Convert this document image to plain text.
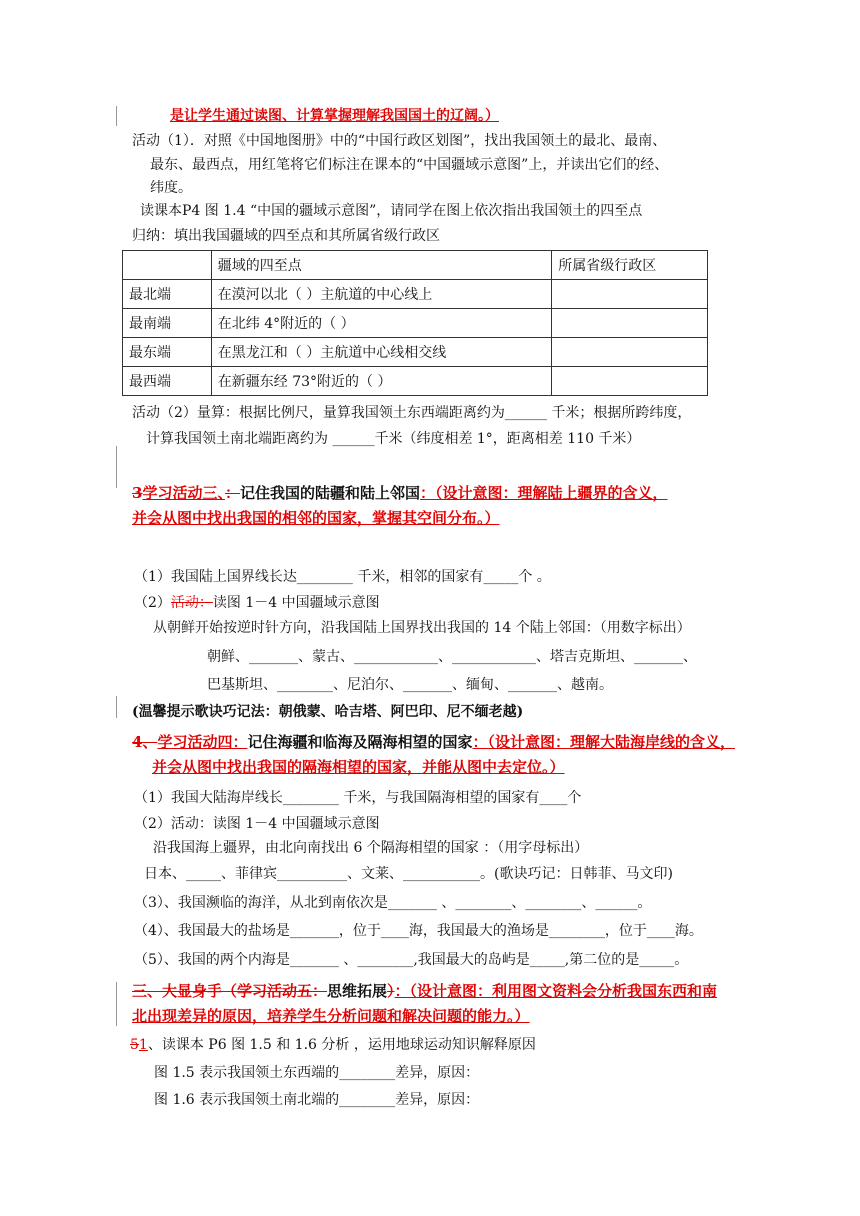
是让学生通过读图、计算掌握理解我国国土的辽阔。）
活动（1）．对照《中国地图册》中的“中国行政区划图”，找出我国领土的最北、最南、
最东、最西点，用红笔将它们标注在课本的“中国疆域示意图”上，并读出它们的经、
纬度。
读课本P4 图 1.4 “中国的疆域示意图”，请同学在图上依次指出我国领土的四至点
归纳：填出我国疆域的四至点和其所属省级行政区
	疆域的四至点	所属省级行政区
最北端	在漠河以北（ ）主航道的中心线上	
最南端	在北纬 4°附近的（ ）	
最东端	在黑龙江和（ ）主航道中心线相交线	
最西端	在新疆东经 73°附近的（ ）	
活动（2）量算：根据比例尺，量算我国领土东西端距离约为______ 千米；根据所跨纬度，
计算我国领土南北端距离约为 ______千米（纬度相差 1°，距离相差 110 千米）
3学习活动三、：记住我国的陆疆和陆上邻国：（设计意图：理解陆上疆界的含义，
并会从图中找出我国的相邻的国家，掌握其空间分布。）
（1）我国陆上国界线长达________ 千米，相邻的国家有_____个 。
（2）活动：读图 1－4 中国疆域示意图
从朝鲜开始按逆时针方向，沿我国陆上国界找出我国的 14 个陆上邻国：（用数字标出）
朝鲜、_______、蒙古、____________、____________、塔吉克斯坦、_______、
巴基斯坦、________、尼泊尔、_______、缅甸、_______、越南。
(温馨提示歌诀巧记法：朝俄蒙、哈吉塔、阿巴印、尼不缅老越)
4、学习活动四：记住海疆和临海及隔海相望的国家：（设计意图：理解大陆海岸线的含义，
并会从图中找出我国的隔海相望的国家，并能从图中去定位。）
（1）我国大陆海岸线长________ 千米，与我国隔海相望的国家有____个
（2）活动：读图 1－4 中国疆域示意图
沿我国海上疆界，由北向南找出 6 个隔海相望的国家 ：（用字母标出）
日本、_____、菲律宾__________、文莱、___________。(歌诀巧记：日韩菲、马文印)
（3）、我国濒临的海洋，从北到南依次是_______ 、________、________、______。
（4）、我国最大的盐场是_______，位于____海，我国最大的渔场是________，位于____海。
（5）、我国的两个内海是_______ 、________,我国最大的岛屿是_____,第二位的是_____。
三、大显身手（学习活动五：思维拓展）：（设计意图：利用图文资料会分析我国东西和南
北出现差异的原因，培养学生分析问题和解决问题的能力。）
51、读课本 P6 图 1.5 和 1.6 分析 ，运用地球运动知识解释原因
图 1.5 表示我国领土东西端的________差异，原因：
图 1.6 表示我国领土南北端的________差异，原因：
